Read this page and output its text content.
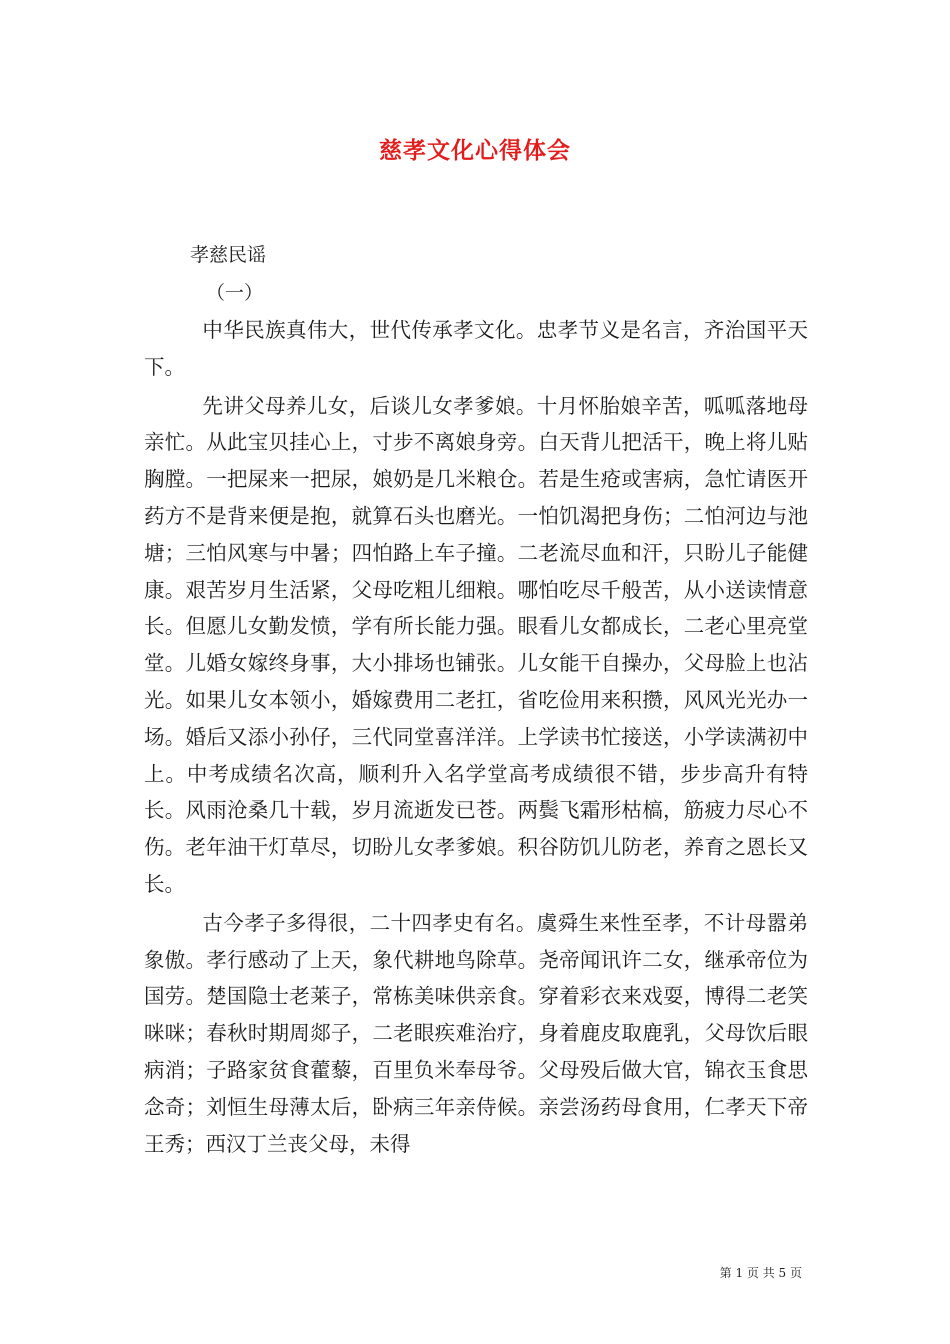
慈孝文化心得体会
孝慈民谣
（一）

中华民族真伟大，世代传承孝文化。忠孝节义是名言，齐治国平天下。

先讲父母养儿女，后谈儿女孝爹娘。十月怀胎娘辛苦，呱呱落地母亲忙。从此宝贝挂心上，寸步不离娘身旁。白天背儿把活干，晚上将儿贴胸膛。一把屎来一把尿，娘奶是几米粮仓。若是生疮或害病，急忙请医开药方不是背来便是抱，就算石头也磨光。一怕饥渴把身伤；二怕河边与池塘；三怕风寒与中暑；四怕路上车子撞。二老流尽血和汗，只盼儿子能健康。艰苦岁月生活紧，父母吃粗儿细粮。哪怕吃尽千般苦，从小送读情意长。但愿儿女勤发愤，学有所长能力强。眼看儿女都成长，二老心里亮堂堂。儿婚女嫁终身事，大小排场也铺张。儿女能干自操办，父母脸上也沾光。如果儿女本领小，婚嫁费用二老扛，省吃俭用来积攒，风风光光办一场。婚后又添小孙仔，三代同堂喜洋洋。上学读书忙接送，小学读满初中上。中考成绩名次高，顺利升入名学堂高考成绩很不错，步步高升有特长。风雨沧桑几十载，岁月流逝发已苍。两鬓飞霜形枯槁，筋疲力尽心不伤。老年油干灯草尽，切盼儿女孝爹娘。积谷防饥儿防老，养育之恩长又长。

古今孝子多得很，二十四孝史有名。虞舜生来性至孝，不计母嚣弟象傲。孝行感动了上天，象代耕地鸟除草。尧帝闻讯许二女，继承帝位为国劳。楚国隐士老莱子，常栋美味供亲食。穿着彩衣来戏耍，博得二老笑咪咪；春秋时期周郯子，二老眼疾难治疗，身着鹿皮取鹿乳，父母饮后眼病消；子路家贫食藿藜，百里负米奉母爷。父母殁后做大官，锦衣玉食思念奇；刘恒生母薄太后，卧病三年亲侍候。亲尝汤药母食用，仁孝天下帝王秀；西汉丁兰丧父母，未得

第 1 页 共 5 页
